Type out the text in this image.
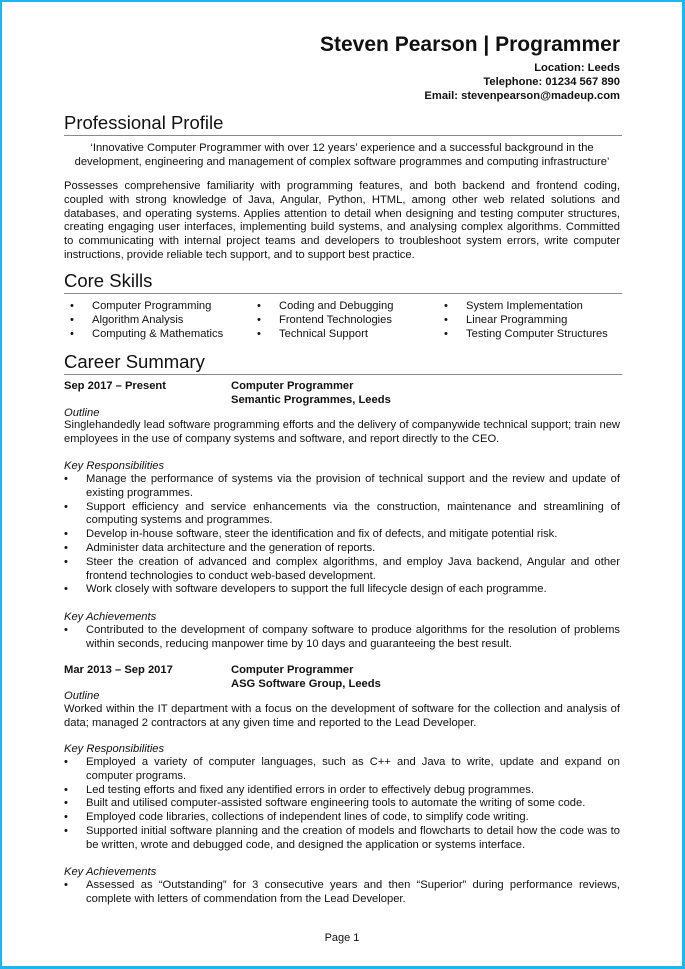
Steven Pearson | Programmer
Location: Leeds
Telephone: 01234 567 890
Email: stevenpearson@madeup.com
Professional Profile
‘Innovative Computer Programmer with over 12 years’ experience and a successful background in the
development, engineering and management of complex software programmes and computing infrastructure’
Possesses comprehensive familiarity with programming features, and both backend and frontend coding, coupled with strong knowledge of Java, Angular, Python, HTML, among other web related solutions and databases, and operating systems. Applies attention to detail when designing and testing computer structures, creating engaging user interfaces, implementing build systems, and analysing complex algorithms. Committed to communicating with internal project teams and developers to troubleshoot system errors, write computer instructions, provide reliable tech support, and to support best practice.
Core Skills
• Computer Programming
• Algorithm Analysis
• Computing & Mathematics
• Coding and Debugging
• Frontend Technologies
• Technical Support
• System Implementation
• Linear Programming
• Testing Computer Structures
Career Summary
Sep 2017 – Present	Computer Programmer
Semantic Programmes, Leeds
Outline
Singlehandedly lead software programming efforts and the delivery of companywide technical support; train new employees in the use of company systems and software, and report directly to the CEO.
Key Responsibilities
• Manage the performance of systems via the provision of technical support and the review and update of existing programmes.
• Support efficiency and service enhancements via the construction, maintenance and streamlining of computing systems and programmes.
• Develop in-house software, steer the identification and fix of defects, and mitigate potential risk.
• Administer data architecture and the generation of reports.
• Steer the creation of advanced and complex algorithms, and employ Java backend, Angular and other frontend technologies to conduct web-based development.
• Work closely with software developers to support the full lifecycle design of each programme.
Key Achievements
• Contributed to the development of company software to produce algorithms for the resolution of problems within seconds, reducing manpower time by 10 days and guaranteeing the best result.
Mar 2013 – Sep 2017	Computer Programmer
ASG Software Group, Leeds
Outline
Worked within the IT department with a focus on the development of software for the collection and analysis of data; managed 2 contractors at any given time and reported to the Lead Developer.
Key Responsibilities
• Employed a variety of computer languages, such as C++ and Java to write, update and expand on computer programs.
• Led testing efforts and fixed any identified errors in order to effectively debug programmes.
• Built and utilised computer-assisted software engineering tools to automate the writing of some code.
• Employed code libraries, collections of independent lines of code, to simplify code writing.
• Supported initial software planning and the creation of models and flowcharts to detail how the code was to be written, wrote and debugged code, and designed the application or systems interface.
Key Achievements
• Assessed as “Outstanding” for 3 consecutive years and then “Superior” during performance reviews, complete with letters of commendation from the Lead Developer.
Page 1
